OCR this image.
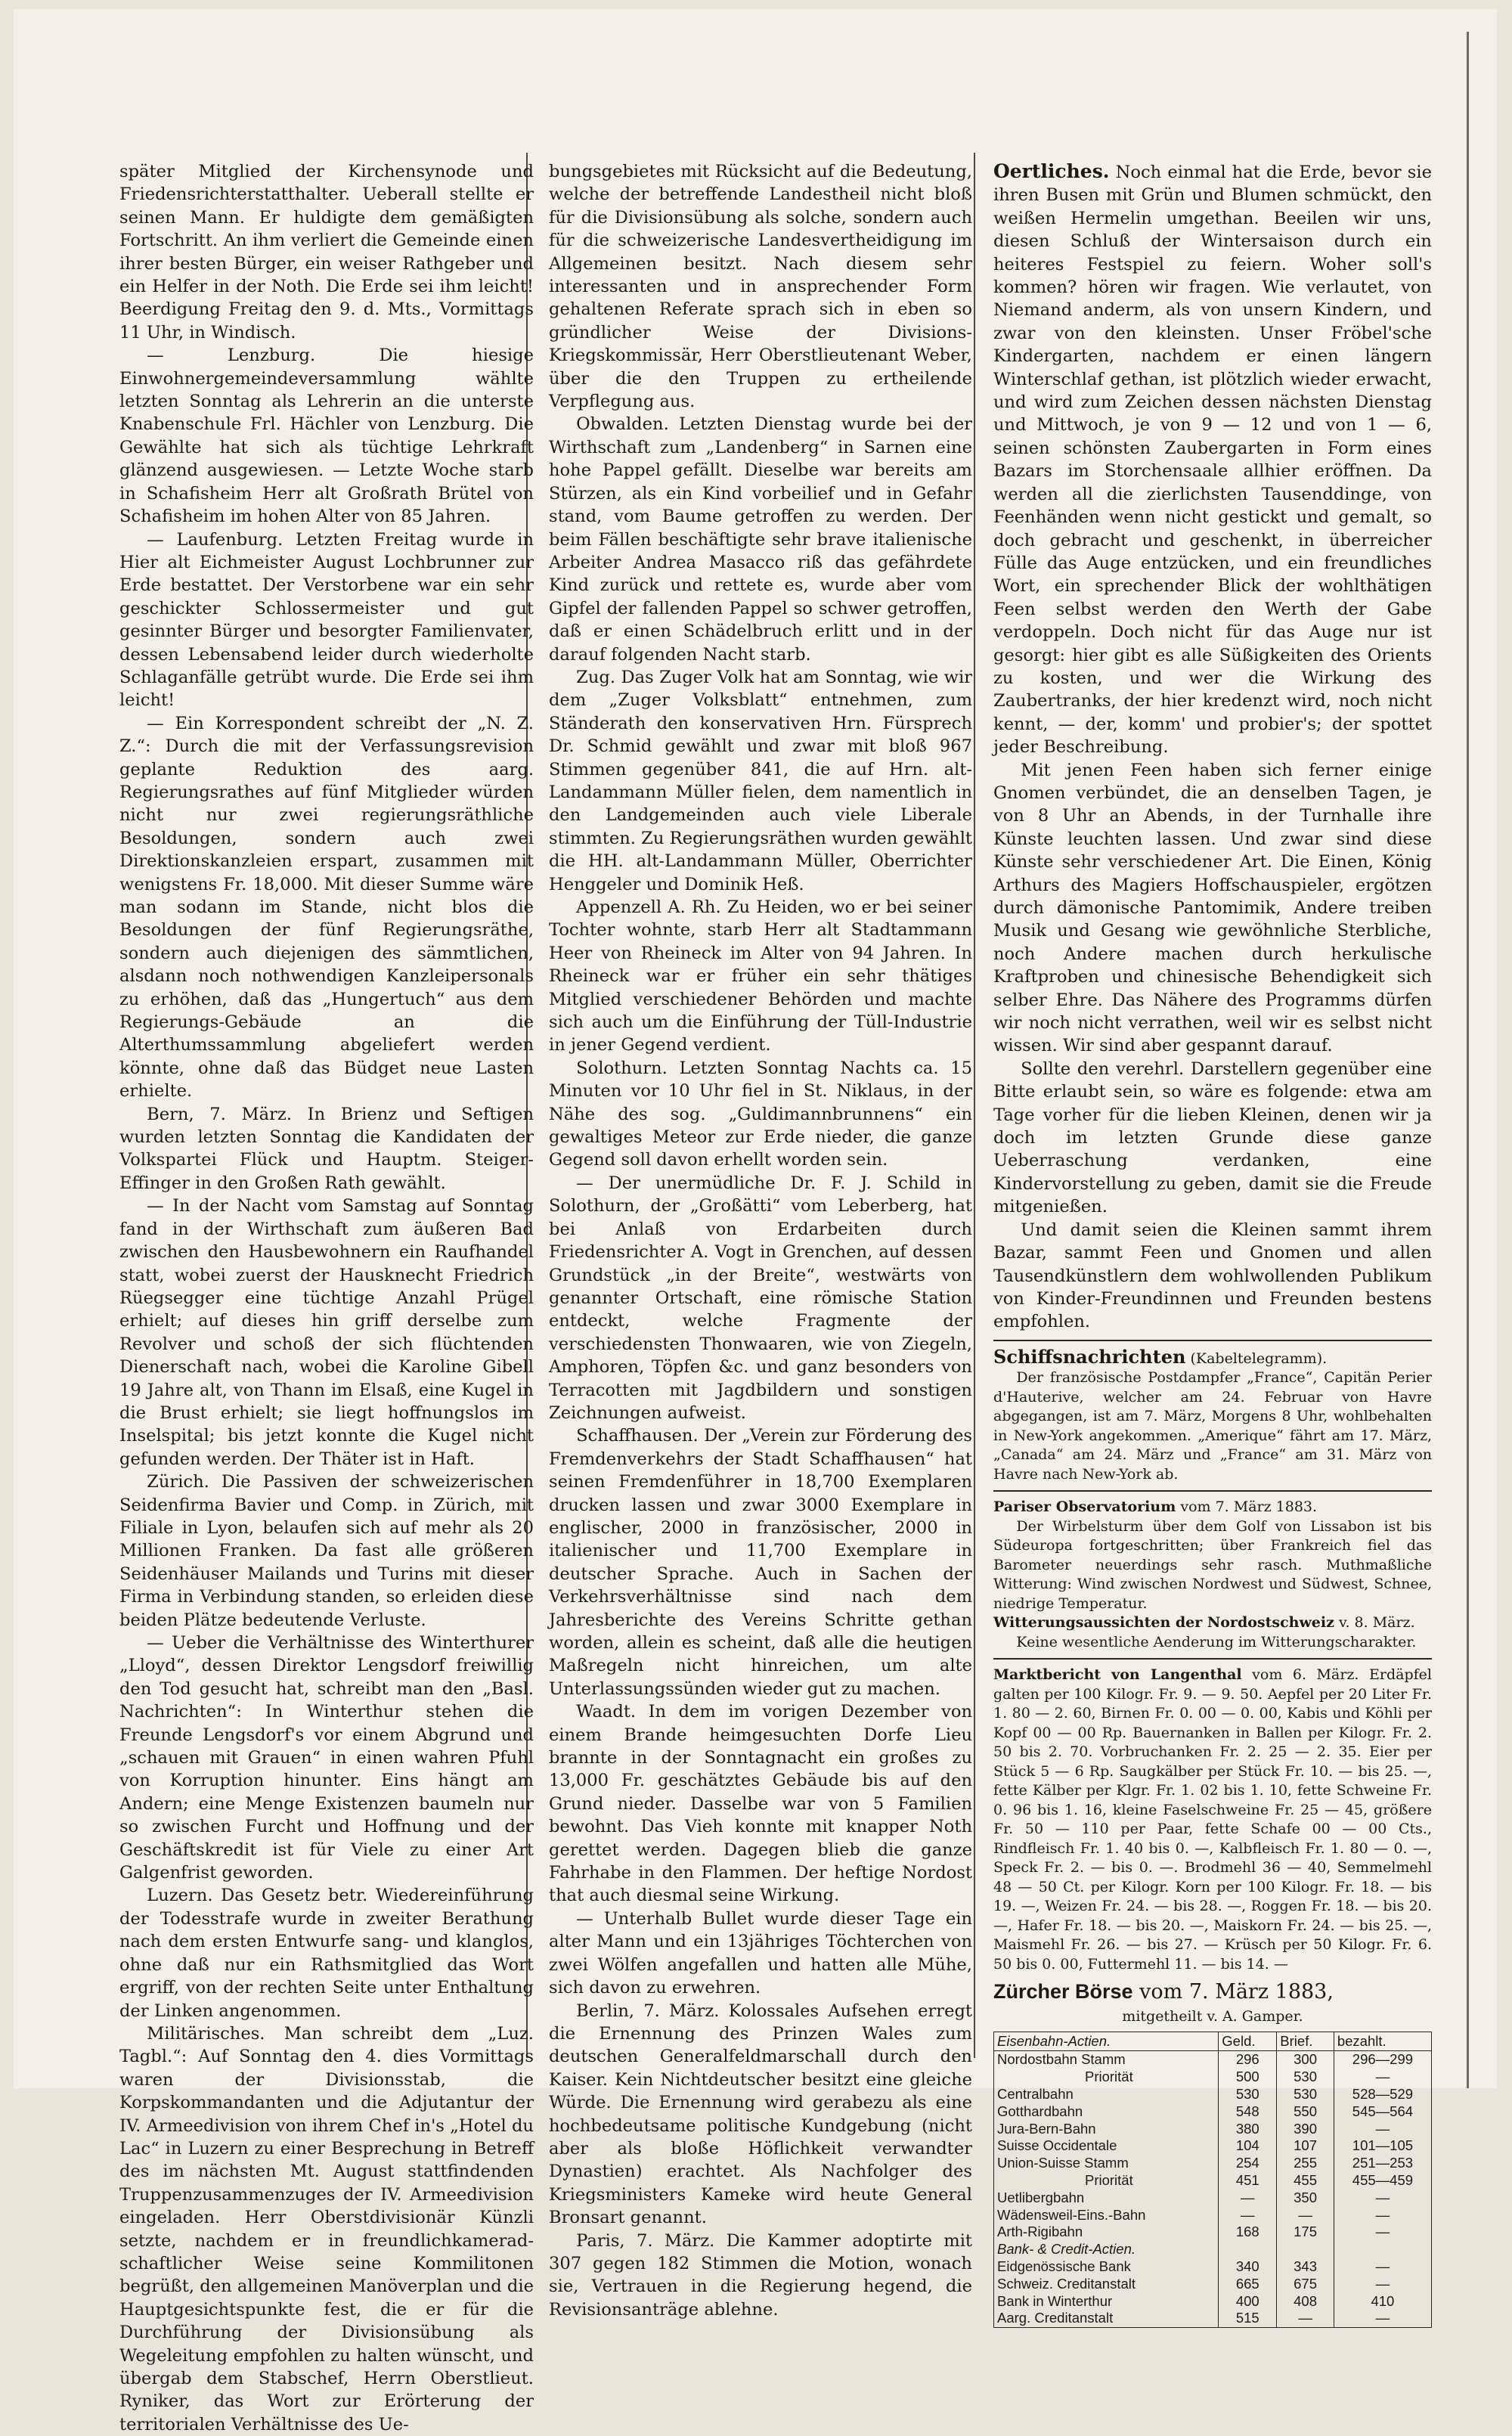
später Mitglied der Kirchensynode und Friedensrichterstatthalter. Ueberall stellte er seinen Mann. Er huldigte dem gemäßigten Fortschritt. An ihm verliert die Gemeinde einen ihrer besten Bürger, ein weiser Rathgeber und ein Helfer in der Noth. Die Erde sei ihm leicht! Beerdigung Freitag den 9. d. Mts., Vormittags 11 Uhr, in Windisch.

— Lenzburg. Die hiesige Einwohnergemeindeversammlung wählte letzten Sonntag als Lehrerin an die unterste Knabenschule Frl. Hächler von Lenzburg. Die Gewählte hat sich als tüchtige Lehrkraft glänzend ausgewiesen. — Letzte Woche starb in Schafisheim Herr alt Großrath Brütel von Schafisheim im hohen Alter von 85 Jahren.

— Laufenburg. Letzten Freitag wurde in Hier alt Eichmeister August Lochbrunner zur Erde bestattet. Der Verstorbene war ein sehr geschickter Schlossermeister und gut gesinnter Bürger und besorgter Familienvater, dessen Lebensabend leider durch wiederholte Schlaganfälle getrübt wurde. Die Erde sei ihm leicht!

— Ein Korrespondent schreibt der „N. Z. Z.“: Durch die mit der Verfassungsrevision geplante Reduktion des aarg. Regierungsrathes auf fünf Mitglieder würden nicht nur zwei regierungsräthliche Besoldungen, sondern auch zwei Direktionskanzleien erspart, zusammen mit wenigstens Fr. 18,000. Mit dieser Summe wäre man sodann im Stande, nicht blos die Besoldungen der fünf Regierungsräthe, sondern auch diejenigen des sämmtlichen, alsdann noch nothwendigen Kanzleipersonals zu erhöhen, daß das „Hungertuch“ aus dem Regierungs-Gebäude an die Alterthumssammlung abgeliefert werden könnte, ohne daß das Büdget neue Lasten erhielte.

Bern, 7. März. In Brienz und Seftigen wurden letzten Sonntag die Kandidaten der Volkspartei Flück und Hauptm. Steiger-Effinger in den Großen Rath gewählt.

— In der Nacht vom Samstag auf Sonntag fand in der Wirthschaft zum äußeren Bad zwischen den Hausbewohnern ein Raufhandel statt, wobei zuerst der Hausknecht Friedrich Rüegsegger eine tüchtige Anzahl Prügel erhielt; auf dieses hin griff derselbe zum Revolver und schoß der sich flüchtenden Dienerschaft nach, wobei die Karoline Gibell 19 Jahre alt, von Thann im Elsaß, eine Kugel in die Brust erhielt; sie liegt hoffnungslos im Inselspital; bis jetzt konnte die Kugel nicht gefunden werden. Der Thäter ist in Haft.

Zürich. Die Passiven der schweizerischen Seidenfirma Bavier und Comp. in Zürich, mit Filiale in Lyon, belaufen sich auf mehr als 20 Millionen Franken. Da fast alle größeren Seidenhäuser Mailands und Turins mit dieser Firma in Verbindung standen, so erleiden diese beiden Plätze bedeutende Verluste.

— Ueber die Verhältnisse des Winterthurer „Lloyd“, dessen Direktor Lengsdorf freiwillig den Tod gesucht hat, schreibt man den „Basl. Nachrichten“: In Winterthur stehen die Freunde Lengsdorf's vor einem Abgrund und „schauen mit Grauen“ in einen wahren Pfuhl von Korruption hinunter. Eins hängt am Andern; eine Menge Existenzen baumeln nur so zwischen Furcht und Hoffnung und der Geschäftskredit ist für Viele zu einer Art Galgenfrist geworden.

Luzern. Das Gesetz betr. Wiedereinführung der Todesstrafe wurde in zweiter Berathung nach dem ersten Entwurfe sang- und klanglos, ohne daß nur ein Rathsmitglied das Wort ergriff, von der rechten Seite unter Enthaltung der Linken angenommen.

Militärisches. Man schreibt dem „Luz. Tagbl.“: Auf Sonntag den 4. dies Vormittags waren der Divisionsstab, die Korpskommandanten und die Adjutantur der IV. Armeedivision von ihrem Chef in's „Hotel du Lac“ in Luzern zu einer Besprechung in Betreff des im nächsten Mt. August stattfindenden Truppenzusammenzuges der IV. Armeedivision eingeladen. Herr Oberstdivisionär Künzli setzte, nachdem er in freundlichkameradschaftlicher Weise seine Kommilitonen begrüßt, den allgemeinen Manöverplan und die Hauptgesichtspunkte fest, die er für die Durchführung der Divisionsübung als Wegeleitung empfohlen zu halten wünscht, und übergab dem Stabschef, Herrn Oberstlieut. Ryniker, das Wort zur Erörterung der territorialen Verhältnisse des Ue-

bungsgebietes mit Rücksicht auf die Bedeutung, welche der betreffende Landestheil nicht bloß für die Divisionsübung als solche, sondern auch für die schweizerische Landesvertheidigung im Allgemeinen besitzt. Nach diesem sehr interessanten und in ansprechender Form gehaltenen Referate sprach sich in eben so gründlicher Weise der Divisions-Kriegskommissär, Herr Oberstlieutenant Weber, über die den Truppen zu ertheilende Verpflegung aus.

Obwalden. Letzten Dienstag wurde bei der Wirthschaft zum „Landenberg“ in Sarnen eine hohe Pappel gefällt. Dieselbe war bereits am Stürzen, als ein Kind vorbeilief und in Gefahr stand, vom Baume getroffen zu werden. Der beim Fällen beschäftigte sehr brave italienische Arbeiter Andrea Masacco riß das gefährdete Kind zurück und rettete es, wurde aber vom Gipfel der fallenden Pappel so schwer getroffen, daß er einen Schädelbruch erlitt und in der darauf folgenden Nacht starb.

Zug. Das Zuger Volk hat am Sonntag, wie wir dem „Zuger Volksblatt“ entnehmen, zum Ständerath den konservativen Hrn. Fürsprech Dr. Schmid gewählt und zwar mit bloß 967 Stimmen gegenüber 841, die auf Hrn. alt-Landammann Müller fielen, dem namentlich in den Landgemeinden auch viele Liberale stimmten. Zu Regierungsräthen wurden gewählt die HH. alt-Landammann Müller, Oberrichter Henggeler und Dominik Heß.

Appenzell A. Rh. Zu Heiden, wo er bei seiner Tochter wohnte, starb Herr alt Stadtammann Heer von Rheineck im Alter von 94 Jahren. In Rheineck war er früher ein sehr thätiges Mitglied verschiedener Behörden und machte sich auch um die Einführung der Tüll-Industrie in jener Gegend verdient.

Solothurn. Letzten Sonntag Nachts ca. 15 Minuten vor 10 Uhr fiel in St. Niklaus, in der Nähe des sog. „Guldimannbrunnens“ ein gewaltiges Meteor zur Erde nieder, die ganze Gegend soll davon erhellt worden sein.

— Der unermüdliche Dr. F. J. Schild in Solothurn, der „Großätti“ vom Leberberg, hat bei Anlaß von Erdarbeiten durch Friedensrichter A. Vogt in Grenchen, auf dessen Grundstück „in der Breite“, westwärts von genannter Ortschaft, eine römische Station entdeckt, welche Fragmente der verschiedensten Thonwaaren, wie von Ziegeln, Amphoren, Töpfen &c. und ganz besonders von Terracotten mit Jagdbildern und sonstigen Zeichnungen aufweist.

Schaffhausen. Der „Verein zur Förderung des Fremdenverkehrs der Stadt Schaffhausen“ hat seinen Fremdenführer in 18,700 Exemplaren drucken lassen und zwar 3000 Exemplare in englischer, 2000 in französischer, 2000 in italienischer und 11,700 Exemplare in deutscher Sprache. Auch in Sachen der Verkehrsverhältnisse sind nach dem Jahresberichte des Vereins Schritte gethan worden, allein es scheint, daß alle die heutigen Maßregeln nicht hinreichen, um alte Unterlassungssünden wieder gut zu machen.

Waadt. In dem im vorigen Dezember von einem Brande heimgesuchten Dorfe Lieu brannte in der Sonntagnacht ein großes zu 13,000 Fr. geschätztes Gebäude bis auf den Grund nieder. Dasselbe war von 5 Familien bewohnt. Das Vieh konnte mit knapper Noth gerettet werden. Dagegen blieb die ganze Fahrhabe in den Flammen. Der heftige Nordost that auch diesmal seine Wirkung.

— Unterhalb Bullet wurde dieser Tage ein alter Mann und ein 13jähriges Töchterchen von zwei Wölfen angefallen und hatten alle Mühe, sich davon zu erwehren.

Berlin, 7. März. Kolossales Aufsehen erregt die Ernennung des Prinzen Wales zum deutschen Generalfeldmarschall durch den Kaiser. Kein Nichtdeutscher besitzt eine gleiche Würde. Die Ernennung wird gerabezu als eine hochbedeutsame politische Kundgebung (nicht aber als bloße Höflichkeit verwandter Dynastien) erachtet. Als Nachfolger des Kriegsministers Kameke wird heute General Bronsart genannt.

Paris, 7. März. Die Kammer adoptirte mit 307 gegen 182 Stimmen die Motion, wonach sie, Vertrauen in die Regierung hegend, die Revisionsanträge ablehne.

Oertliches. Noch einmal hat die Erde, bevor sie ihren Busen mit Grün und Blumen schmückt, den weißen Hermelin umgethan. Beeilen wir uns, diesen Schluß der Wintersaison durch ein heiteres Festspiel zu feiern. Woher soll's kommen? hören wir fragen. Wie verlautet, von Niemand anderm, als von unsern Kindern, und zwar von den kleinsten. Unser Fröbel'sche Kindergarten, nachdem er einen längern Winterschlaf gethan, ist plötzlich wieder erwacht, und wird zum Zeichen dessen nächsten Dienstag und Mittwoch, je von 9 — 12 und von 1 — 6, seinen schönsten Zaubergarten in Form eines Bazars im Storchensaale allhier eröffnen. Da werden all die zierlichsten Tausenddinge, von Feenhänden wenn nicht gestickt und gemalt, so doch gebracht und geschenkt, in überreicher Fülle das Auge entzücken, und ein freundliches Wort, ein sprechender Blick der wohlthätigen Feen selbst werden den Werth der Gabe verdoppeln. Doch nicht für das Auge nur ist gesorgt: hier gibt es alle Süßigkeiten des Orients zu kosten, und wer die Wirkung des Zaubertranks, der hier kredenzt wird, noch nicht kennt, — der, komm' und probier's; der spottet jeder Beschreibung.

Mit jenen Feen haben sich ferner einige Gnomen verbündet, die an denselben Tagen, je von 8 Uhr an Abends, in der Turnhalle ihre Künste leuchten lassen. Und zwar sind diese Künste sehr verschiedener Art. Die Einen, König Arthurs des Magiers Hoffschauspieler, ergötzen durch dämonische Pantomimik, Andere treiben Musik und Gesang wie gewöhnliche Sterbliche, noch Andere machen durch herkulische Kraftproben und chinesische Behendigkeit sich selber Ehre. Das Nähere des Programms dürfen wir noch nicht verrathen, weil wir es selbst nicht wissen. Wir sind aber gespannt darauf.

Sollte den verehrl. Darstellern gegenüber eine Bitte erlaubt sein, so wäre es folgende: etwa am Tage vorher für die lieben Kleinen, denen wir ja doch im letzten Grunde diese ganze Ueberraschung verdanken, eine Kindervorstellung zu geben, damit sie die Freude mitgenießen.

Und damit seien die Kleinen sammt ihrem Bazar, sammt Feen und Gnomen und allen Tausendkünstlern dem wohlwollenden Publikum von Kinder-Freundinnen und Freunden bestens empfohlen.

Schiffsnachrichten (Kabeltelegramm).

Der französische Postdampfer „France“, Capitän Perier d'Hauterive, welcher am 24. Februar von Havre abgegangen, ist am 7. März, Morgens 8 Uhr, wohlbehalten in New-York angekommen. „Amerique“ fährt am 17. März, „Canada“ am 24. März und „France“ am 31. März von Havre nach New-York ab.

Pariser Observatorium vom 7. März 1883.

Der Wirbelsturm über dem Golf von Lissabon ist bis Südeuropa fortgeschritten; über Frankreich fiel das Barometer neuerdings sehr rasch. Muthmaßliche Witterung: Wind zwischen Nordwest und Südwest, Schnee, niedrige Temperatur.

Witterungsaussichten der Nordostschweiz v. 8. März.

Keine wesentliche Aenderung im Witterungscharakter.

Marktbericht von Langenthal vom 6. März. Erdäpfel galten per 100 Kilogr. Fr. 9. — 9. 50. Aepfel per 20 Liter Fr. 1. 80 — 2. 60, Birnen Fr. 0. 00 — 0. 00, Kabis und Köhli per Kopf 00 — 00 Rp. Bauernanken in Ballen per Kilogr. Fr. 2. 50 bis 2. 70. Vorbruchanken Fr. 2. 25 — 2. 35. Eier per Stück 5 — 6 Rp. Saugkälber per Stück Fr. 10. — bis 25. —, fette Kälber per Klgr. Fr. 1. 02 bis 1. 10, fette Schweine Fr. 0. 96 bis 1. 16, kleine Faselschweine Fr. 25 — 45, größere Fr. 50 — 110 per Paar, fette Schafe 00 — 00 Cts., Rindfleisch Fr. 1. 40 bis 0. —, Kalbfleisch Fr. 1. 80 — 0. —, Speck Fr. 2. — bis 0. —. Brodmehl 36 — 40, Semmelmehl 48 — 50 Ct. per Kilogr. Korn per 100 Kilogr. Fr. 18. — bis 19. —, Weizen Fr. 24. — bis 28. —, Roggen Fr. 18. — bis 20. —, Hafer Fr. 18. — bis 20. —, Maiskorn Fr. 24. — bis 25. —, Maismehl Fr. 26. — bis 27. — Krüsch per 50 Kilogr. Fr. 6. 50 bis 0. 00, Futtermehl 11. — bis 14. —

Zürcher Börse vom 7. März 1883,
mitgetheilt v. A. Gamper.
Eisenbahn-Actien.	Geld.	Brief.	bezahlt.
Nordostbahn Stamm	296	300	296—299
Priorität	500	530	—
Centralbahn	530	530	528—529
Gotthardbahn	548	550	545—564
Jura-Bern-Bahn	380	390	—
Suisse Occidentale	104	107	101—105
Union-Suisse Stamm	254	255	251—253
Priorität	451	455	455—459
Uetlibergbahn	—	350	—
Wädensweil-Eins.-Bahn	—	—	—
Arth-Rigibahn	168	175	—
Bank- & Credit-Actien.			
Eidgenössische Bank	340	343	—
Schweiz. Creditanstalt	665	675	—
Bank in Winterthur	400	408	410
Aarg. Creditanstalt	515	—	—
